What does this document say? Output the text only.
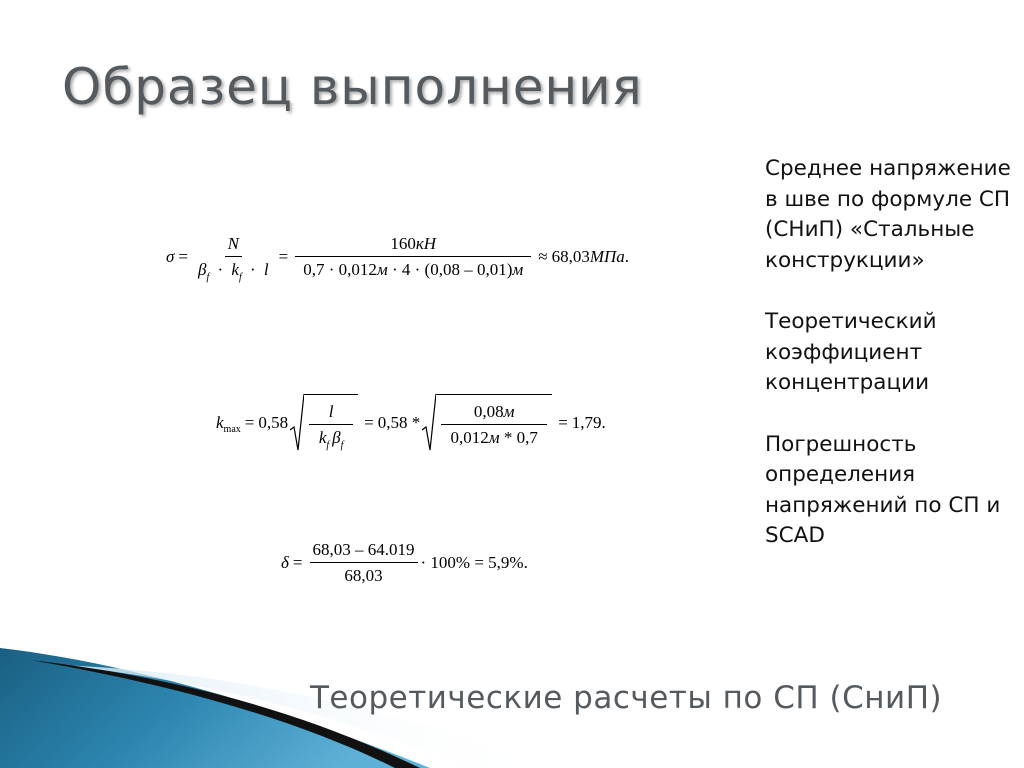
Образец выполнения
$\sigma = \frac{N}{\beta_f \cdot k_f \cdot l} = \frac{160кН}{0,7 \cdot 0,012м \cdot 4 \cdot (0,08 - 0,01)м} \approx 68,03$ МПа .
k $\max = 0,58 \frac{l}{k_f \beta_f} = 0,58 * \frac{0,08м}{0,012м * 0,7} = 1,79$.
$\delta = \frac{68,03 - 64.019}{68,03} \cdot 100\% = 5,9\%$.

Среднее напряжение в шве по формуле СП (СНиП) «Стальные конструкции»

Теоретический коэффициент концентрации

Погрешность определения напряжений по СП и SCAD

Теоретические расчеты по СП (СниП)
